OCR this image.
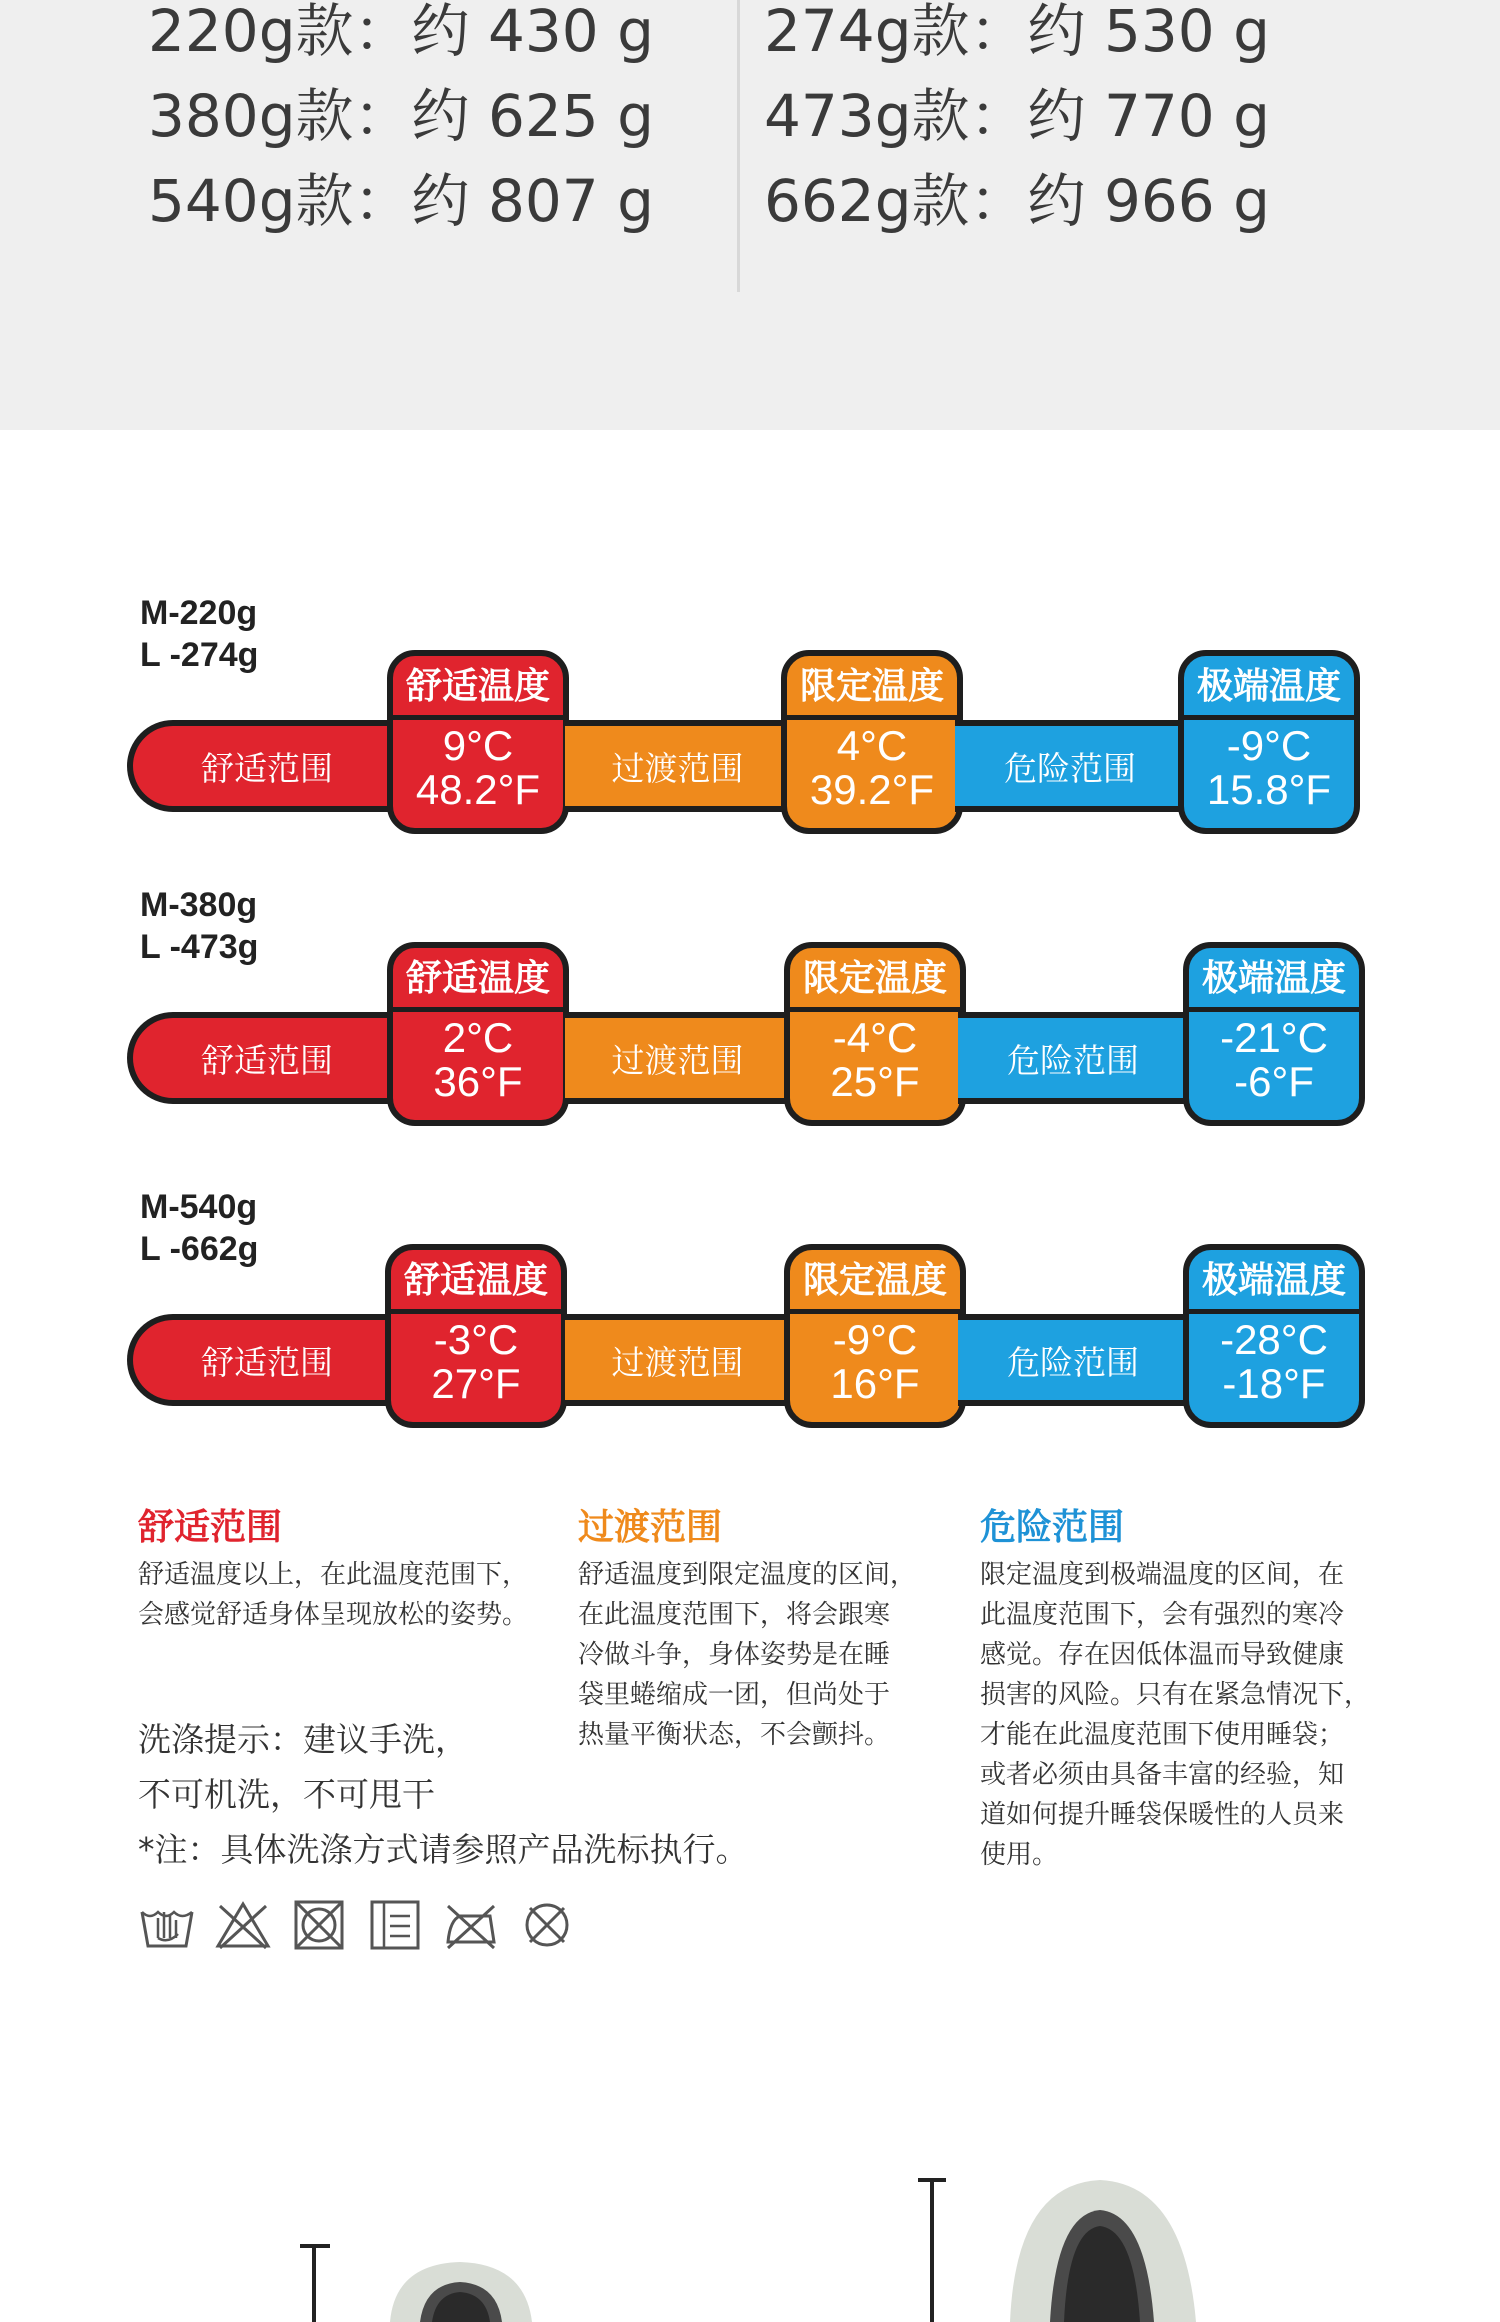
220g款：约 430 g
380g款：约 625 g
540g款：约 807 g
274g款：约 530 g
473g款：约 770 g
662g款：约 966 g
M-220g
L -274g
舒适范围
舒适温度
9°C
48.2°F	过渡范围
限定温度
4°C
39.2°F	危险范围
极端温度
-9°C
15.8°F
M-380g
L -473g
舒适范围
舒适温度
2°C
36°F	过渡范围
限定温度
-4°C
25°F	危险范围
极端温度
-21°C
-6°F
M-540g
L -662g
舒适范围
舒适温度
-3°C
27°F	过渡范围
限定温度
-9°C
16°F	危险范围
极端温度
-28°C
-18°F
舒适范围
舒适温度以上，在此温度范围下，
会感觉舒适身体呈现放松的姿势。
过渡范围
舒适温度到限定温度的区间，
在此温度范围下，将会跟寒
冷做斗争，身体姿势是在睡
袋里蜷缩成一团，但尚处于
热量平衡状态，不会颤抖。
危险范围
限定温度到极端温度的区间，在
此温度范围下，会有强烈的寒冷
感觉。存在因低体温而导致健康
损害的风险。只有在紧急情况下，
才能在此温度范围下使用睡袋；
或者必须由具备丰富的经验，知
道如何提升睡袋保暖性的人员来
使用。
洗涤提示：建议手洗，
不可机洗，不可甩干
*注：具体洗涤方式请参照产品洗标执行。
